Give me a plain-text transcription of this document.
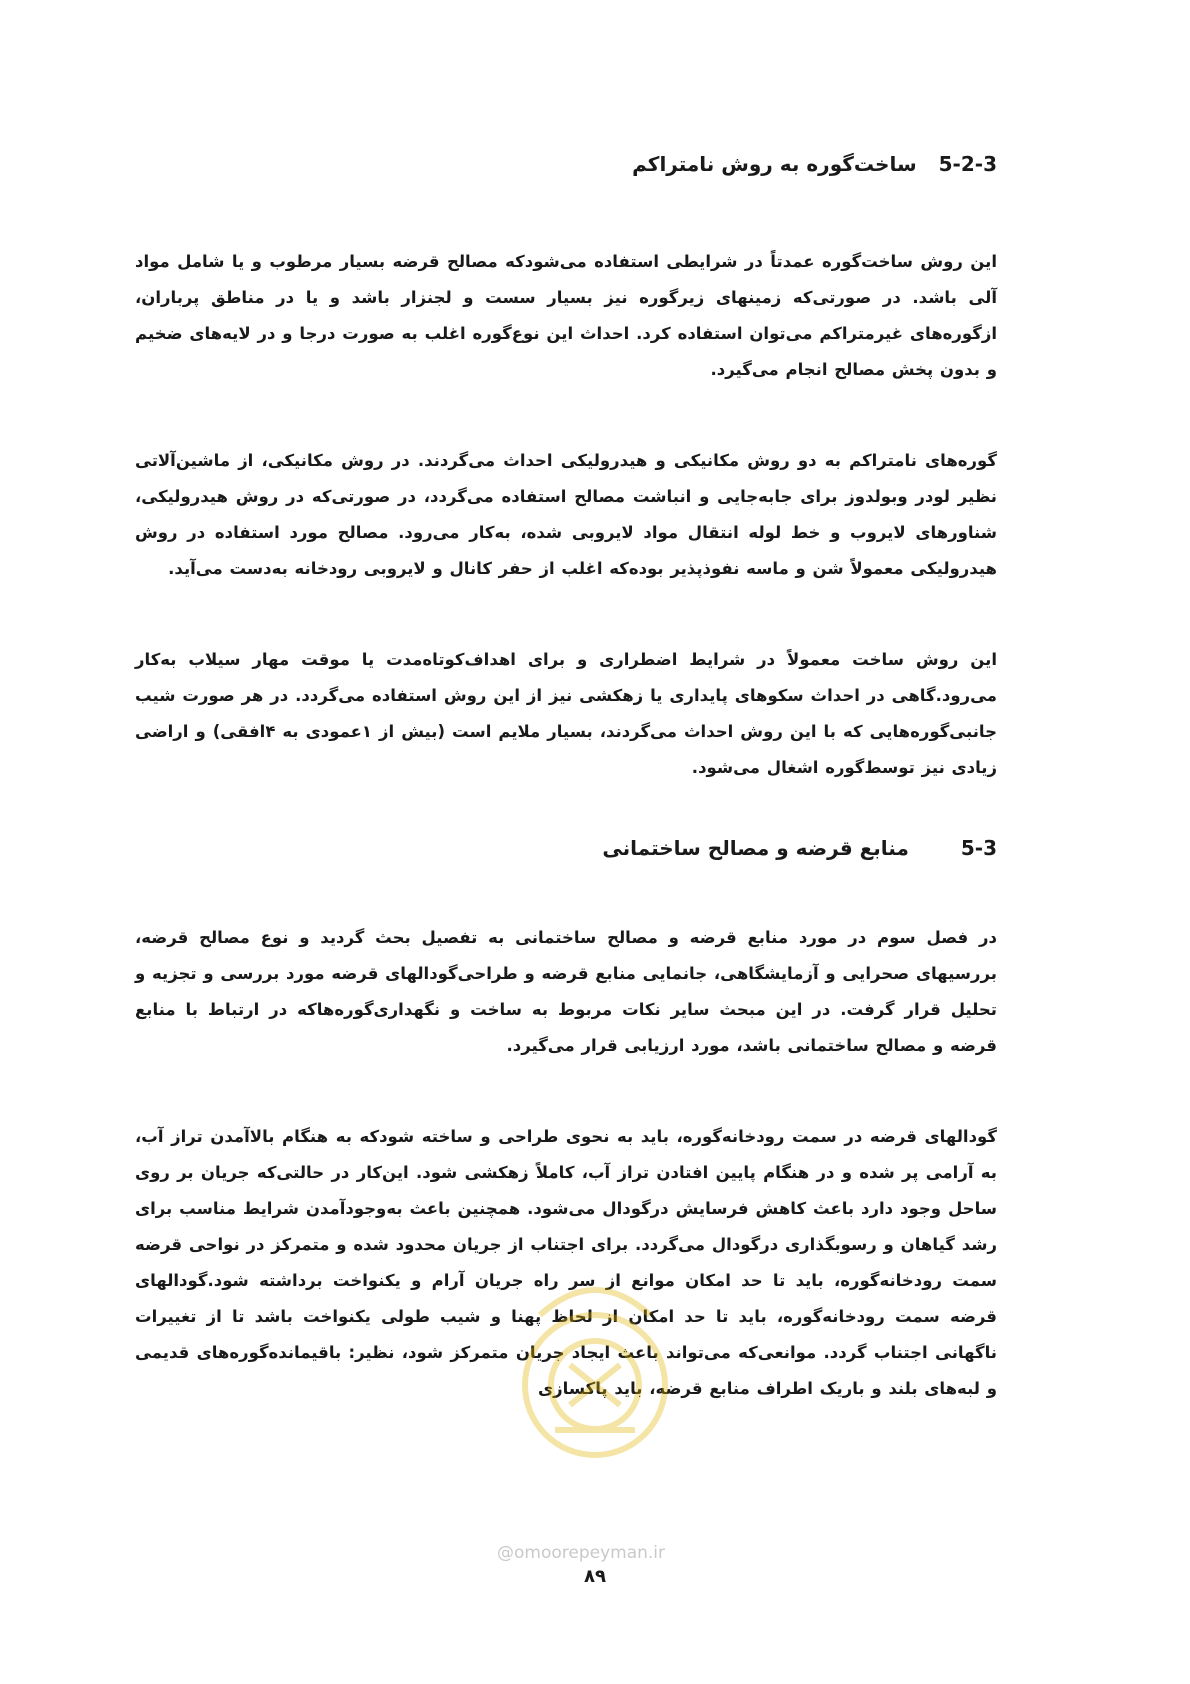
5-2-3
ساخت‌گوره به روش نامتراکم

این روش ساخت‌گوره عمدتاً در شرایطی استفاده می‌شودکه مصالح قرضه بسیار مرطوب و یا شامل مواد آلی باشد. در صورتی‌که زمینهای زیرگوره نیز بسیار سست و لجنزار باشد و یا در مناطق پرباران، ازگوره‌های غیرمتراکم می‌توان استفاده کرد. احداث این نوع‌گوره اغلب به صورت درجا و در لایه‌های ضخیم و بدون پخش مصالح انجام می‌گیرد.

گوره‌های نامتراکم به دو روش مکانیکی و هیدرولیکی احداث می‌گردند. در روش مکانیکی، از ماشین‌آلاتی نظیر لودر وبولدوز برای جابه‌جایی و انباشت مصالح استفاده می‌گردد، در صورتی‌که در روش هیدرولیکی، شناورهای لایروب و خط لوله انتقال مواد لایروبی شده، به‌کار می‌رود. مصالح مورد استفاده در روش هیدرولیکی معمولاً شن و ماسه نفوذپذیر بوده‌که اغلب از حفر کانال و لایروبی رودخانه به‌دست می‌آید.

این روش ساخت معمولاً در شرایط اضطراری و برای اهداف‌کوتاه‌مدت یا موقت مهار سیلاب به‌کار می‌رود.گاهی در احداث سکوهای پایداری یا زهکشی نیز از این روش استفاده می‌گردد. در هر صورت شیب جانبی‌گوره‌هایی که با این روش احداث می‌گردند، بسیار ملایم است (بیش از ۱عمودی به ۴افقی) و اراضی زیادی نیز توسط‌گوره اشغال می‌شود.

5-3
منابع قرضه و مصالح ساختمانی

در فصل سوم در مورد منابع قرضه و مصالح ساختمانی به تفصیل بحث گردید و نوع مصالح قرضه، بررسیهای صحرایی و آزمایشگاهی، جانمایی منابع قرضه و طراحی‌گودالهای قرضه مورد بررسی و تجزیه و تحلیل قرار گرفت. در این مبحث سایر نکات مربوط به ساخت و نگهداری‌گوره‌هاکه در ارتباط با منابع قرضه و مصالح ساختمانی باشد، مورد ارزیابی قرار می‌گیرد.

گودالهای قرضه در سمت رودخانه‌گوره، باید به نحوی طراحی و ساخته شودکه به هنگام بالاآمدن تراز آب، به آرامی پر شده و در هنگام پایین افتادن تراز آب، کاملاً زهکشی شود. این‌کار در حالتی‌که جریان بر روی ساحل وجود دارد باعث کاهش فرسایش درگودال می‌شود. همچنین باعث به‌وجودآمدن شرایط مناسب برای رشد گیاهان و رسوبگذاری درگودال می‌گردد. برای اجتناب از جریان محدود شده و متمرکز در نواحی قرضه سمت رودخانه‌گوره، باید تا حد امکان موانع از سر راه جریان آرام و یکنواخت برداشته شود.گودالهای قرضه سمت رودخانه‌گوره، باید تا حد امکان از لحاظ پهنا و شیب طولی یکنواخت باشد تا از تغییرات ناگهانی اجتناب گردد. موانعی‌که می‌تواند باعث ایجاد جریان متمرکز شود، نظیر: باقیمانده‌گوره‌های قدیمی و لبه‌های بلند و باریک اطراف منابع قرضه، باید پاکسازی

@omoorepeyman.ir
۸۹
